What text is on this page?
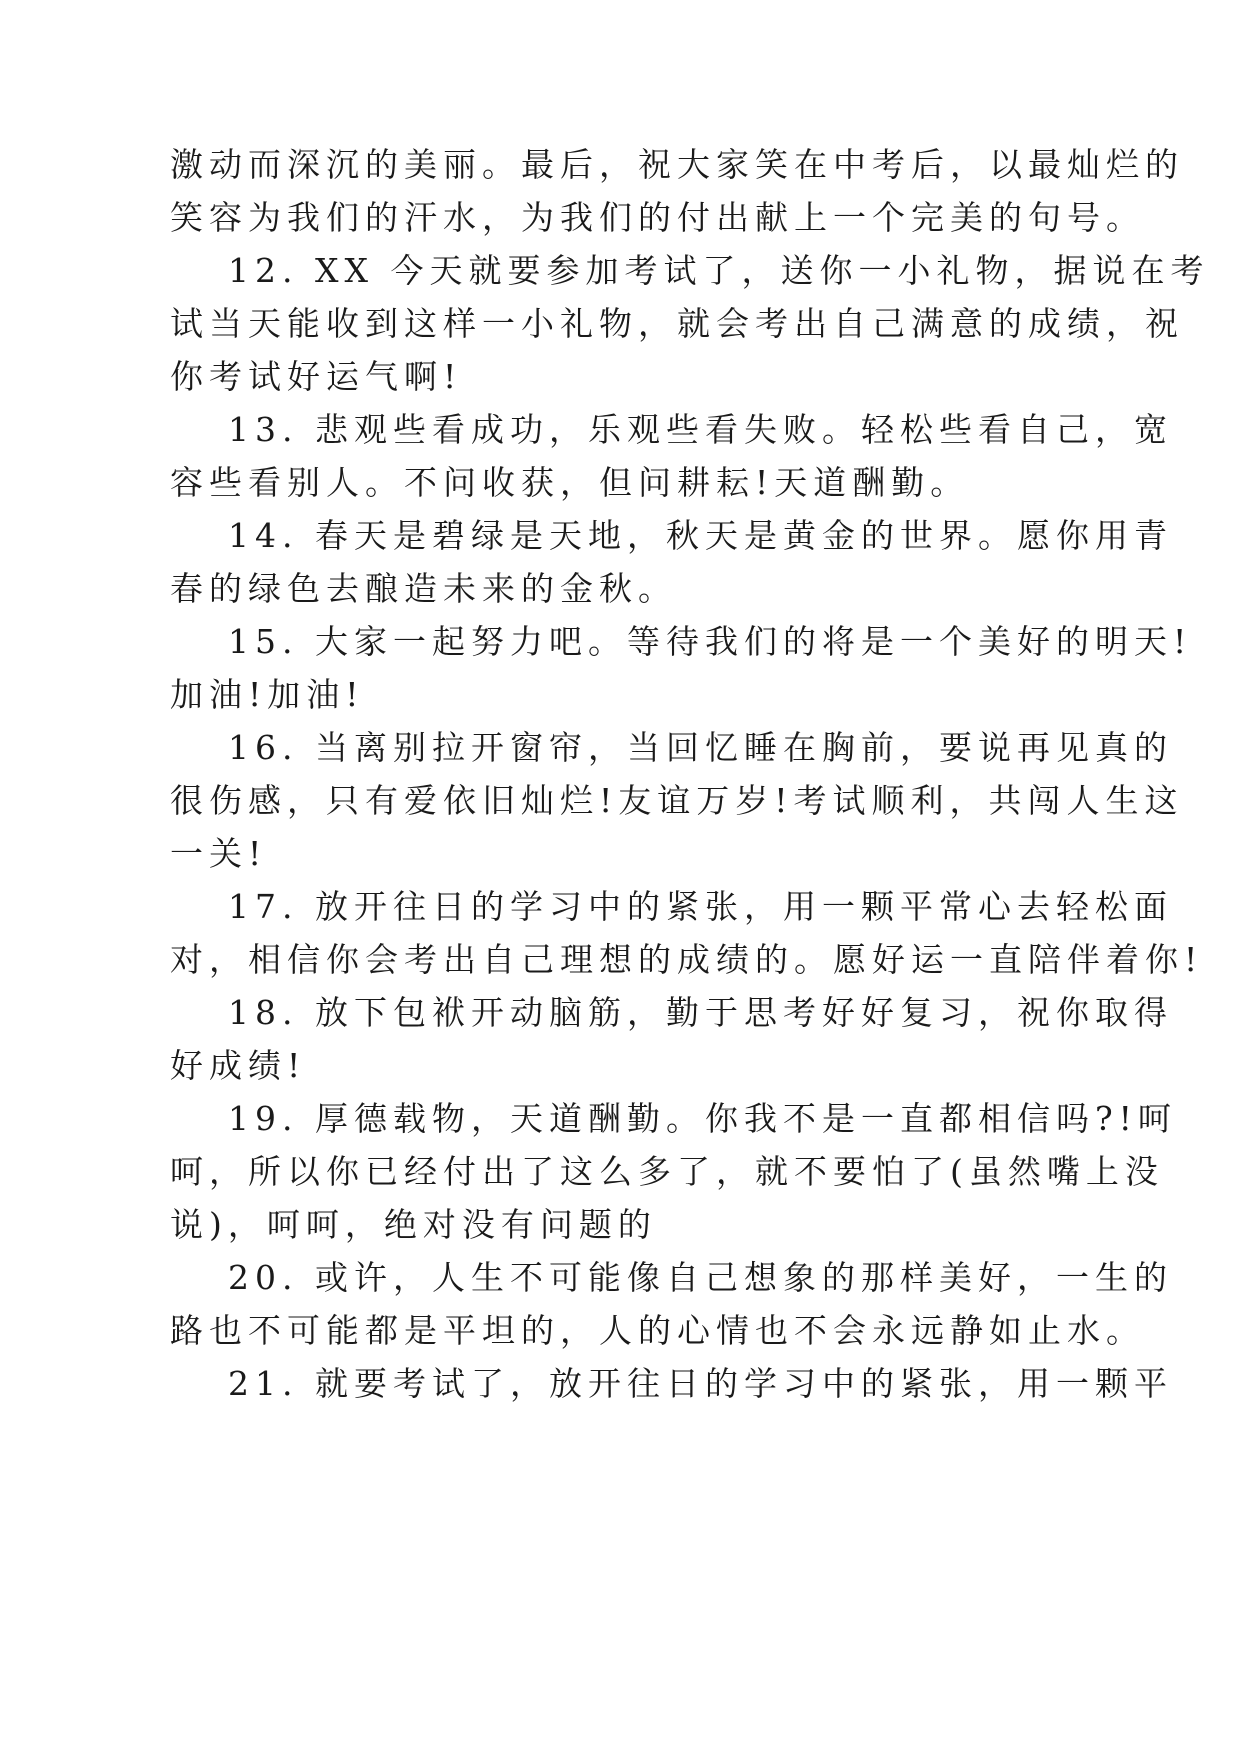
激动而深沉的美丽。最后，祝大家笑在中考后，以最灿烂的
笑容为我们的汗水，为我们的付出献上一个完美的句号。
12. XX 今天就要参加考试了，送你一小礼物，据说在考
试当天能收到这样一小礼物，就会考出自己满意的成绩，祝
你考试好运气啊!
13. 悲观些看成功，乐观些看失败。轻松些看自己，宽
容些看别人。不问收获，但问耕耘!天道酬勤。
14. 春天是碧绿是天地，秋天是黄金的世界。愿你用青
春的绿色去酿造未来的金秋。
15. 大家一起努力吧。等待我们的将是一个美好的明天!
加油!加油!
16. 当离别拉开窗帘，当回忆睡在胸前，要说再见真的
很伤感，只有爱依旧灿烂!友谊万岁!考试顺利，共闯人生这
一关!
17. 放开往日的学习中的紧张，用一颗平常心去轻松面
对，相信你会考出自己理想的成绩的。愿好运一直陪伴着你!
18. 放下包袱开动脑筋，勤于思考好好复习，祝你取得
好成绩!
19. 厚德载物，天道酬勤。你我不是一直都相信吗?!呵
呵，所以你已经付出了这么多了，就不要怕了(虽然嘴上没
说)，呵呵，绝对没有问题的
20. 或许，人生不可能像自己想象的那样美好，一生的
路也不可能都是平坦的，人的心情也不会永远静如止水。
21. 就要考试了，放开往日的学习中的紧张，用一颗平
